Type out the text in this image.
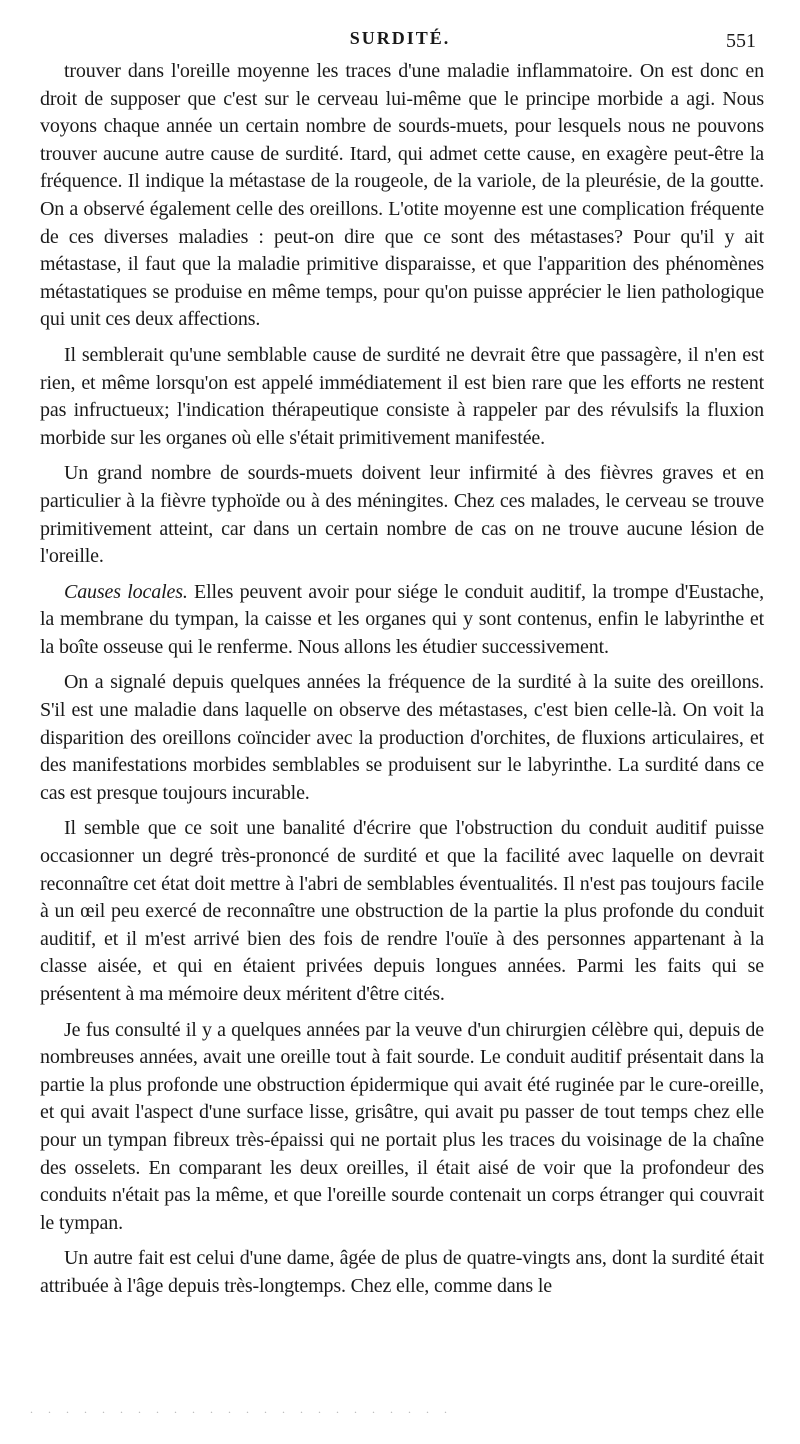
SURDITÉ.	551

trouver dans l'oreille moyenne les traces d'une maladie inflammatoire. On est donc en droit de supposer que c'est sur le cerveau lui-même que le principe morbide a agi. Nous voyons chaque année un certain nombre de sourds-muets, pour lesquels nous ne pouvons trouver aucune autre cause de surdité. Itard, qui admet cette cause, en exagère peut-être la fréquence. Il indique la métastase de la rougeole, de la variole, de la pleurésie, de la goutte. On a observé également celle des oreillons. L'otite moyenne est une complication fréquente de ces diverses maladies : peut-on dire que ce sont des métastases? Pour qu'il y ait métastase, il faut que la maladie primitive disparaisse, et que l'apparition des phénomènes métastatiques se produise en même temps, pour qu'on puisse apprécier le lien pathologique qui unit ces deux affections.

Il semblerait qu'une semblable cause de surdité ne devrait être que passagère, il n'en est rien, et même lorsqu'on est appelé immédiatement il est bien rare que les efforts ne restent pas infructueux; l'indication thérapeutique consiste à rappeler par des révulsifs la fluxion morbide sur les organes où elle s'était primitivement manifestée.

Un grand nombre de sourds-muets doivent leur infirmité à des fièvres graves et en particulier à la fièvre typhoïde ou à des méningites. Chez ces malades, le cerveau se trouve primitivement atteint, car dans un certain nombre de cas on ne trouve aucune lésion de l'oreille.

Causes locales. Elles peuvent avoir pour siége le conduit auditif, la trompe d'Eustache, la membrane du tympan, la caisse et les organes qui y sont contenus, enfin le labyrinthe et la boîte osseuse qui le renferme. Nous allons les étudier successivement.

On a signalé depuis quelques années la fréquence de la surdité à la suite des oreillons. S'il est une maladie dans laquelle on observe des métastases, c'est bien celle-là. On voit la disparition des oreillons coïncider avec la production d'orchites, de fluxions articulaires, et des manifestations morbides semblables se produisent sur le labyrinthe. La surdité dans ce cas est presque toujours incurable.

Il semble que ce soit une banalité d'écrire que l'obstruction du conduit auditif puisse occasionner un degré très-prononcé de surdité et que la facilité avec laquelle on devrait reconnaître cet état doit mettre à l'abri de semblables éventualités. Il n'est pas toujours facile à un œil peu exercé de reconnaître une obstruction de la partie la plus profonde du conduit auditif, et il m'est arrivé bien des fois de rendre l'ouïe à des personnes appartenant à la classe aisée, et qui en étaient privées depuis longues années. Parmi les faits qui se présentent à ma mémoire deux méritent d'être cités.

Je fus consulté il y a quelques années par la veuve d'un chirurgien célèbre qui, depuis de nombreuses années, avait une oreille tout à fait sourde. Le conduit auditif présentait dans la partie la plus profonde une obstruction épidermique qui avait été ruginée par le cure-oreille, et qui avait l'aspect d'une surface lisse, grisâtre, qui avait pu passer de tout temps chez elle pour un tympan fibreux très-épaissi qui ne portait plus les traces du voisinage de la chaîne des osselets. En comparant les deux oreilles, il était aisé de voir que la profondeur des conduits n'était pas la même, et que l'oreille sourde contenait un corps étranger qui couvrait le tympan.

Un autre fait est celui d'une dame, âgée de plus de quatre-vingts ans, dont la surdité était attribuée à l'âge depuis très-longtemps. Chez elle, comme dans le

. . . . . . . . . . . . . . . . . . . . . . . .
